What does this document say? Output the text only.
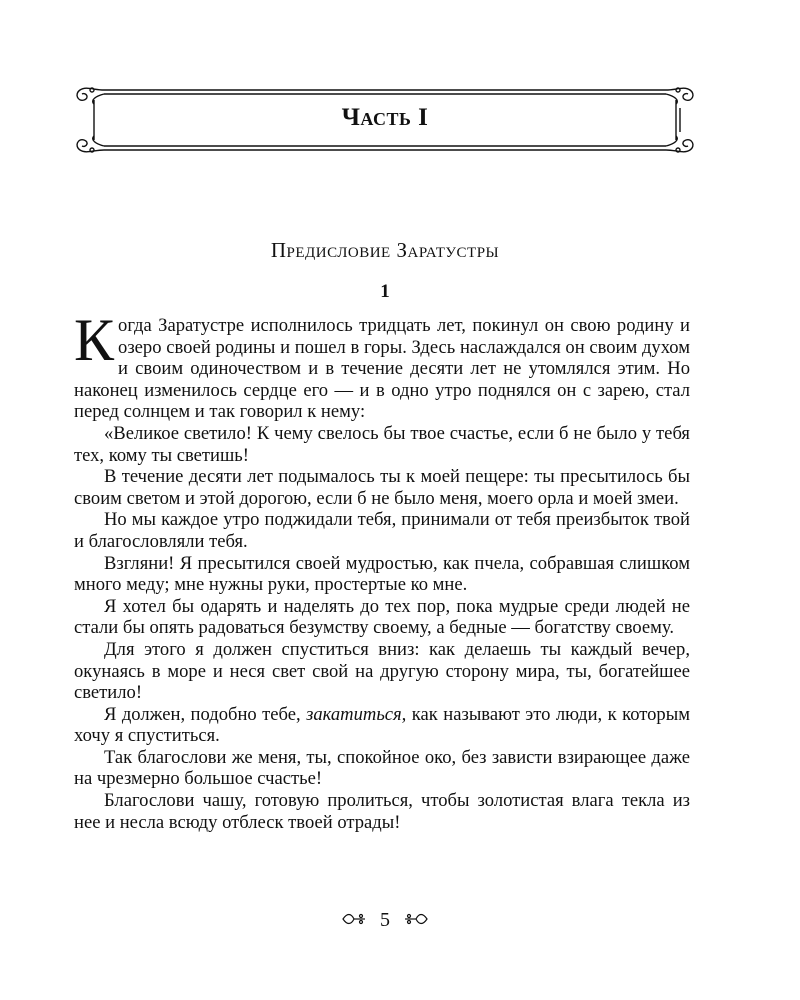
Часть I
Предисловие Заратустры
1

Когда Заратустре исполнилось тридцать лет, покинул он свою родину и озеро своей родины и пошел в горы. Здесь наслаждался он своим духом и своим одиночеством и в течение десяти лет не утомлялся этим. Но наконец изменилось сердце его — и в одно утро поднялся он с зарею, стал перед солнцем и так говорил к нему:

«Великое светило! К чему свелось бы твое счастье, если б не было у тебя тех, кому ты светишь!

В течение десяти лет подымалось ты к моей пещере: ты пресытилось бы своим светом и этой дорогою, если б не было меня, моего орла и моей змеи.

Но мы каждое утро поджидали тебя, принимали от тебя преизбыток твой и благословляли тебя.

Взгляни! Я пресытился своей мудростью, как пчела, собравшая слишком много меду; мне нужны руки, простертые ко мне.

Я хотел бы одарять и наделять до тех пор, пока мудрые среди людей не стали бы опять радоваться безумству своему, а бедные — богатству своему.

Для этого я должен спуститься вниз: как делаешь ты каждый вечер, окунаясь в море и неся свет свой на другую сторону мира, ты, богатейшее светило!

Я должен, подобно тебе, закатиться, как называют это люди, к которым хочу я спуститься.

Так благослови же меня, ты, спокойное око, без зависти взирающее даже на чрезмерно большое счастье!

Благослови чашу, готовую пролиться, чтобы золотистая влага текла из нее и несла всюду отблеск твоей отрады!

5
